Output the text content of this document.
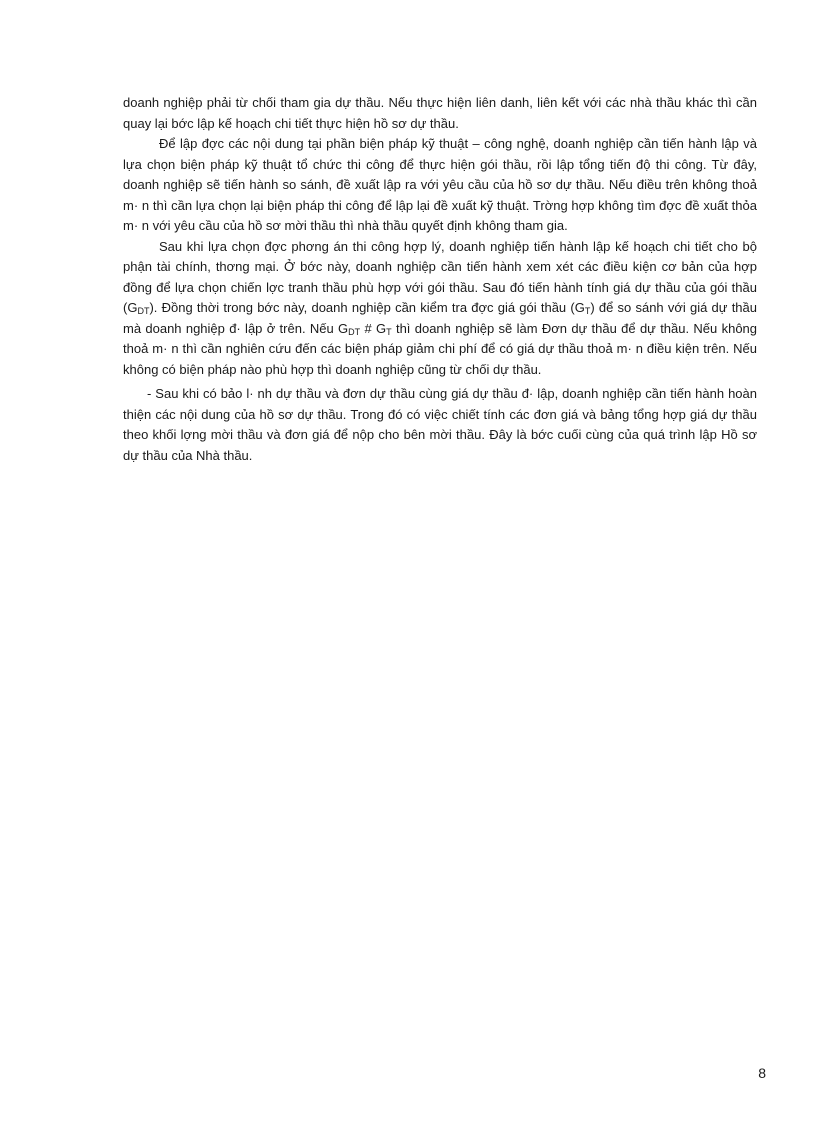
doanh nghiệp phải từ chối tham gia dự thầu. Nếu thực hiện liên danh, liên kết với các nhà thầu khác thì cần quay lại bớc lập kế hoạch chi tiết thực hiện hồ sơ dự thầu.

Để lập đợc các nội dung tại phần biện pháp kỹ thuật – công nghệ, doanh nghiệp cần tiến hành lập và lựa chọn biện pháp kỹ thuật tổ chức thi công để thực hiện gói thầu, rồi lập tổng tiến độ thi công. Từ đây, doanh nghiệp sẽ tiến hành so sánh, đề xuất lập ra với yêu cầu của hồ sơ dự thầu. Nếu điều trên không thoả m· n thì cần lựa chọn lại biện pháp thi công để lập lại đề xuất kỹ thuật. Trờng hợp không tìm đợc đề xuất thỏa m· n với yêu cầu của hồ sơ mời thầu thì nhà thầu quyết định không tham gia.

Sau khi lựa chọn đợc phơng án thi công hợp lý, doanh nghiệp tiến hành lập kế hoạch chi tiết cho bộ phận tài chính, thơng mại. Ở bớc này, doanh nghiệp cần tiến hành xem xét các điều kiện cơ bản của hợp đồng để lựa chọn chiến lợc tranh thầu phù hợp với gói thầu. Sau đó tiến hành tính giá dự thầu của gói thầu $(G_{DT})$. Đồng thời trong bớc này, doanh nghiệp cần kiểm tra đợc giá gói thầu $(G_T)$ để so sánh với giá dự thầu mà doanh nghiệp đ· lập ở trên. Nếu $G_{DT}$ # $G_T$ thì doanh nghiệp sẽ làm Đơn dự thầu để dự thầu. Nếu không thoả m· n thì cần nghiên cứu đến các biện pháp giảm chi phí để có giá dự thầu thoả m· n điều kiện trên. Nếu không có biện pháp nào phù hợp thì doanh nghiệp cũng từ chối dự thầu.

- Sau khi có bảo l· nh dự thầu và đơn dự thầu cùng giá dự thầu đ· lập, doanh nghiệp cần tiến hành hoàn thiện các nội dung của hồ sơ dự thầu. Trong đó có việc chiết tính các đơn giá và bảng tổng hợp giá dự thầu theo khối lợng mời thầu và đơn giá để nộp cho bên mời thầu. Đây là bớc cuối cùng của quá trình lập Hồ sơ dự thầu của Nhà thầu.

8
